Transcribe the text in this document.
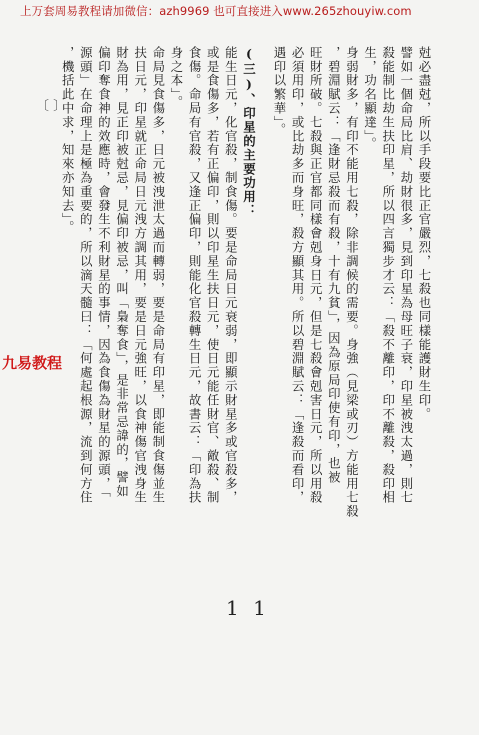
上万套周易教程请加微信：azh9969 也可直接进入www.265zhouyiw.com
九易教程
〔 〕	尅必盡尅，所以手段要比正官嚴烈，七殺也同樣能護財生印。
譬如一個命局比肩、劫財很多，見到印星為母旺子衰，印星被洩太過，則七
殺能制比劫生扶印星，所以四言獨步才云：「殺不離印，印不離殺，殺印相
生，功名顯達」。
身弱財多，有印不能用七殺，除非調候的需要。身強（見梁或刃）方能用七殺
，碧淵賦云：「逢財忌殺而有殺，十有九貧」，因為原局印使有印，也被
旺財所破。七殺與正官都同樣會剋身日元，但是七殺會剋害日元，所以用殺
必須用印，或比劫多而身旺，殺方顯其用。所以碧淵賦云：「逢殺而看印，
遇印以繁華」。
(三)、印星的主要功用：
能生日元，化官殺，制食傷。要是命局日元衰弱，即顯示財星多或官殺多，
或是食傷多，若有正偏印，則以印星生扶日元，使日元能任財官、敵殺、制
食傷。命局有官殺，又逢正偏印，則能化官殺轉生日元，故書云：「印為扶
身之本」。
命局見食傷多，日元被洩泄太過而轉弱，要是命局有印星，即能制食傷並生
扶日元，印星就正命局日元洩方調其用，要是日元強旺，以食神傷官洩身生
財為用，見正印被尅忌，見偏印被忌，叫「梟奪食」，是非常忌諱的，譬如
偏印奪食神的效應時，會發生不利財星的事情，因為食傷為財星的源頭，「
源頭」在命理上是極為重要的，所以滴天髓曰：「何處起根源，流到何方住
，機括此中求，知來亦知去」。
1 1
